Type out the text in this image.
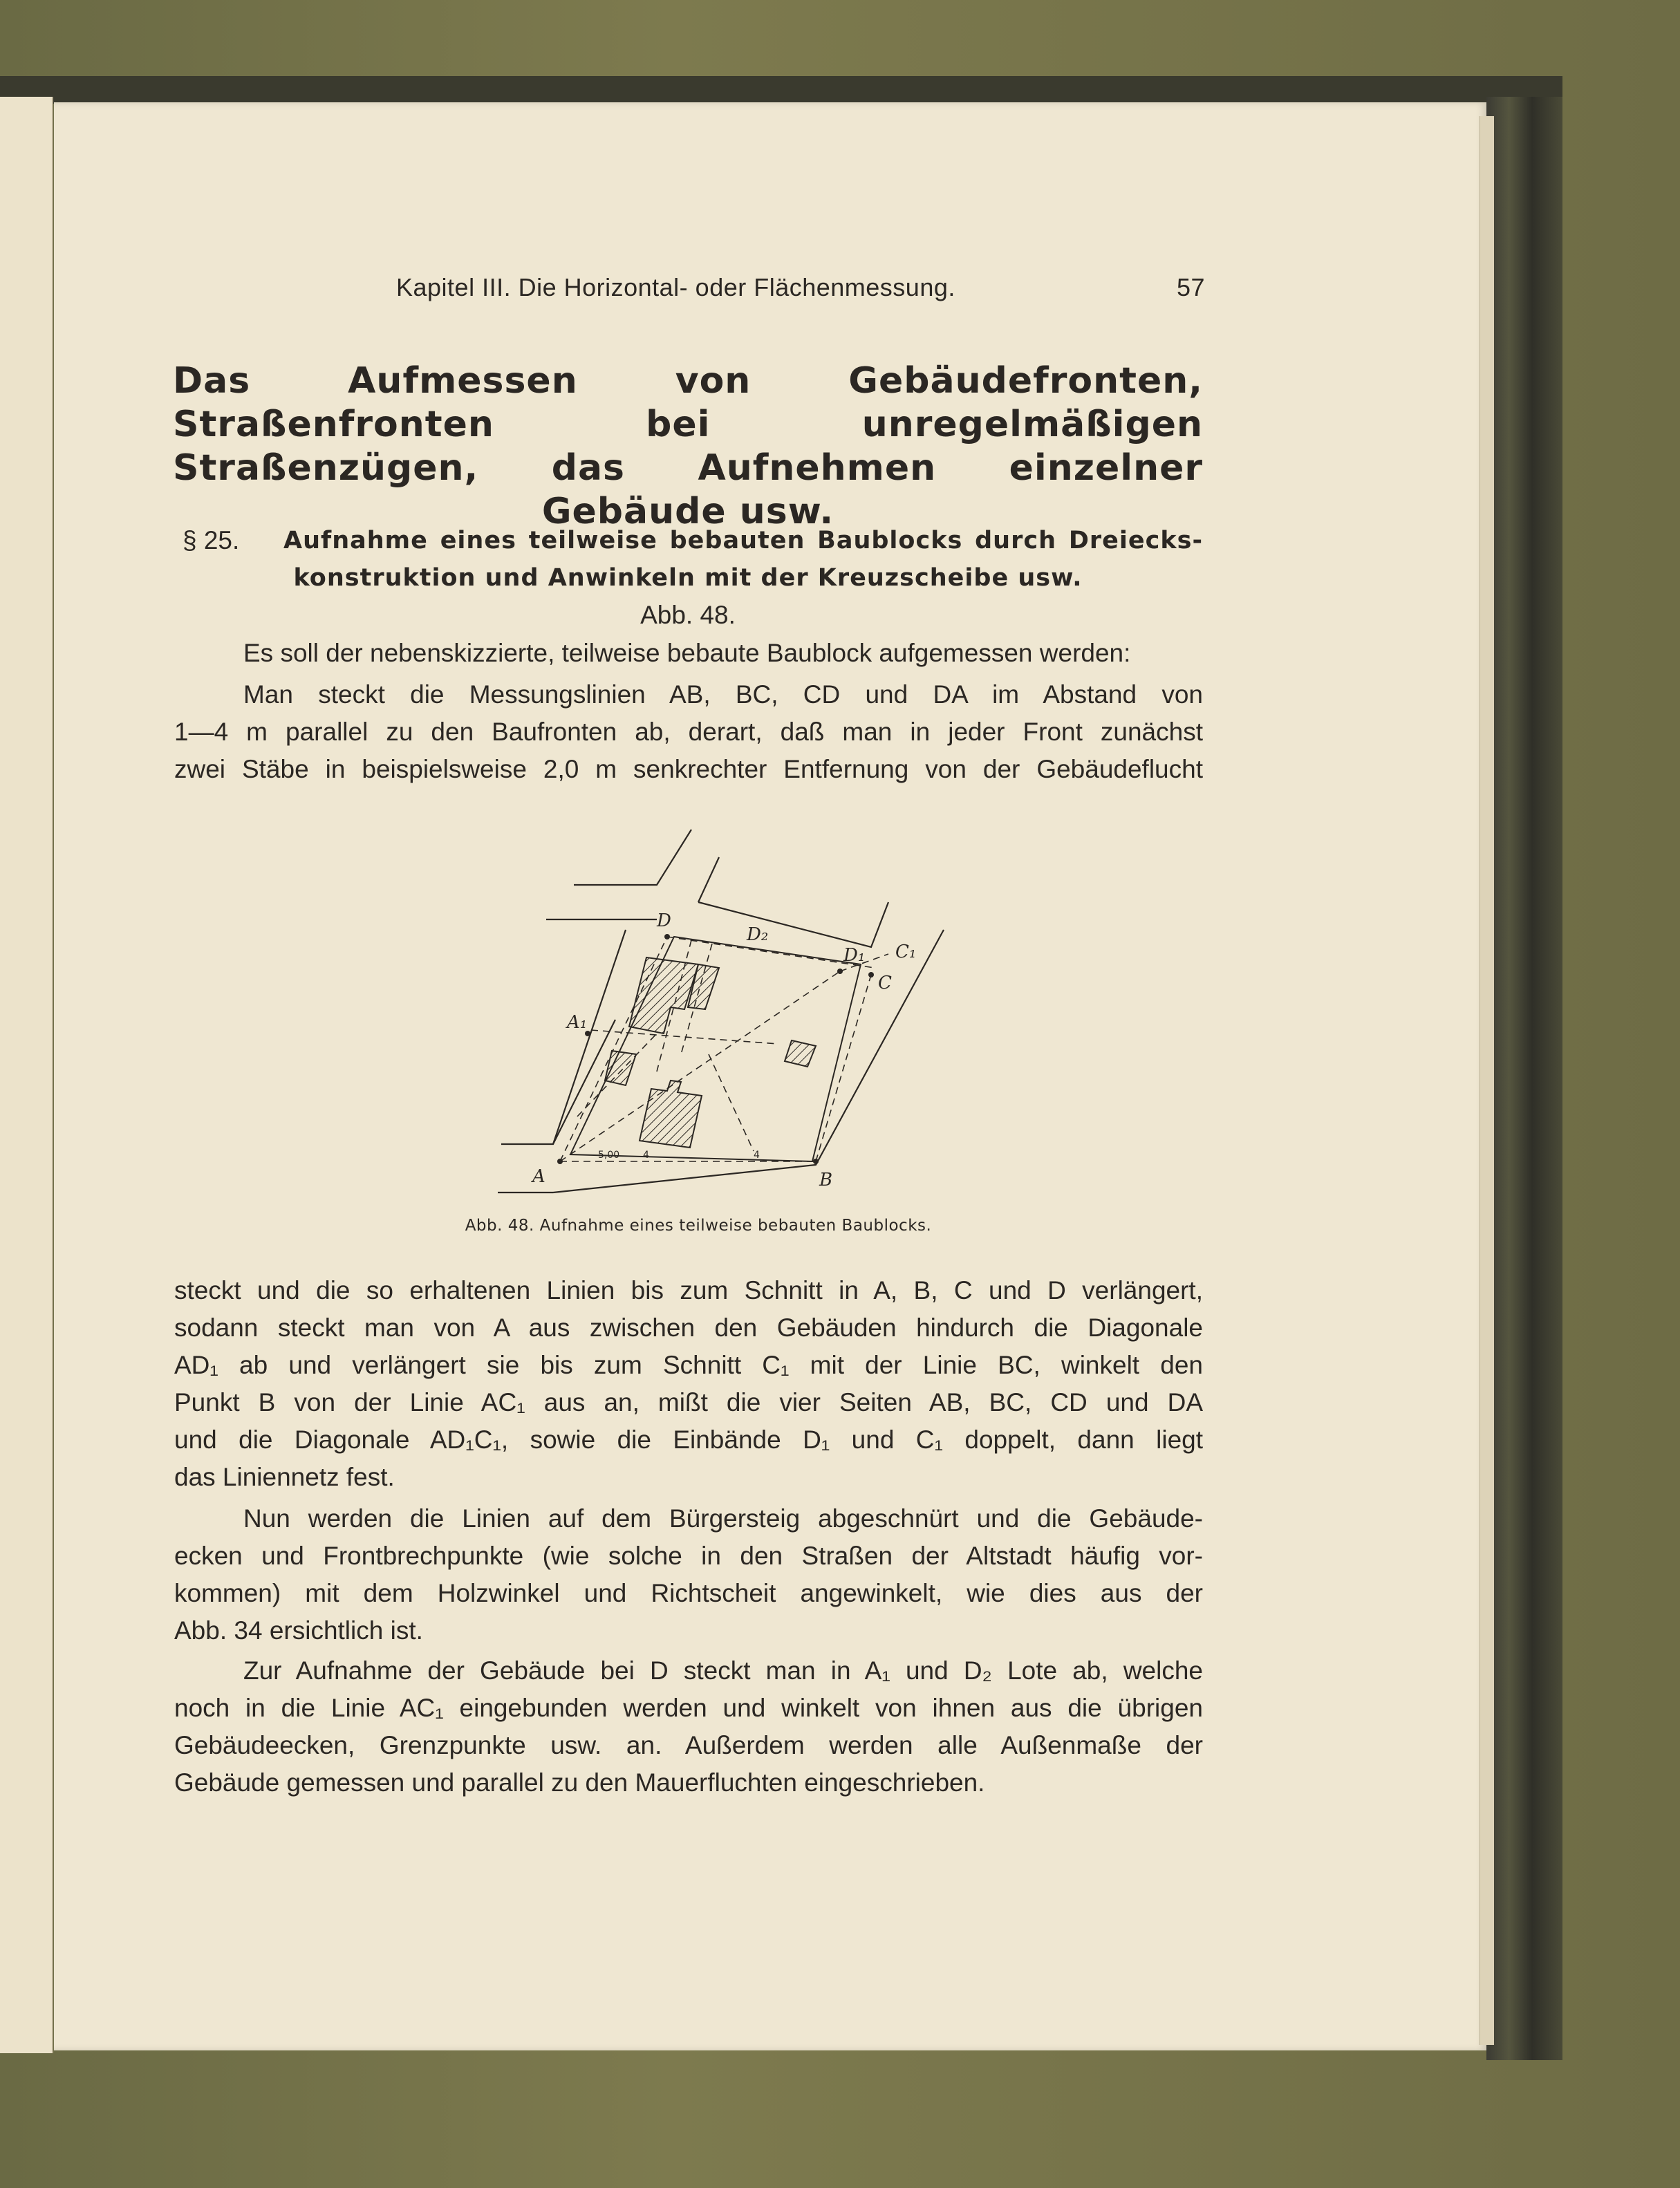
Kapitel III. Die Horizontal- oder Flächenmessung.	57
Das Aufmessen von Gebäudefronten, Straßenfronten bei unregelmäßigen Straßenzügen, das Aufnehmen einzelner Gebäude usw.
§ 25. Aufnahme eines teilweise bebauten Baublocks durch Dreiecks-
konstruktion und Anwinkeln mit der Kreuzscheibe usw.
Abb. 48.
Es soll der nebenskizzierte, teilweise bebaute Baublock aufgemessen werden:
Man steckt die Messungslinien AB, BC, CD und DA im Abstand von
1—4 m parallel zu den Baufronten ab, derart, daß man in jeder Front zunächst
zwei Stäbe in beispielsweise 2,0 m senkrechter Entfernung von der Gebäudeflucht
A	B
C
C₁
D
D₁
D₂
A₁
5,00 4	4
Abb. 48. Aufnahme eines teilweise bebauten Baublocks.
steckt und die so erhaltenen Linien bis zum Schnitt in A, B, C und D verlängert,
sodann steckt man von A aus zwischen den Gebäuden hindurch die Diagonale
AD₁ ab und verlängert sie bis zum Schnitt C₁ mit der Linie BC, winkelt den
Punkt B von der Linie AC₁ aus an, mißt die vier Seiten AB, BC, CD und DA
und die Diagonale AD₁C₁, sowie die Einbände D₁ und C₁ doppelt, dann liegt
das Liniennetz fest.
Nun werden die Linien auf dem Bürgersteig abgeschnürt und die Gebäude-
ecken und Frontbrechpunkte (wie solche in den Straßen der Altstadt häufig vor-
kommen) mit dem Holzwinkel und Richtscheit angewinkelt, wie dies aus der
Abb. 34 ersichtlich ist.
Zur Aufnahme der Gebäude bei D steckt man in A₁ und D₂ Lote ab, welche
noch in die Linie AC₁ eingebunden werden und winkelt von ihnen aus die übrigen
Gebäudeecken, Grenzpunkte usw. an. Außerdem werden alle Außenmaße der
Gebäude gemessen und parallel zu den Mauerfluchten eingeschrieben.
